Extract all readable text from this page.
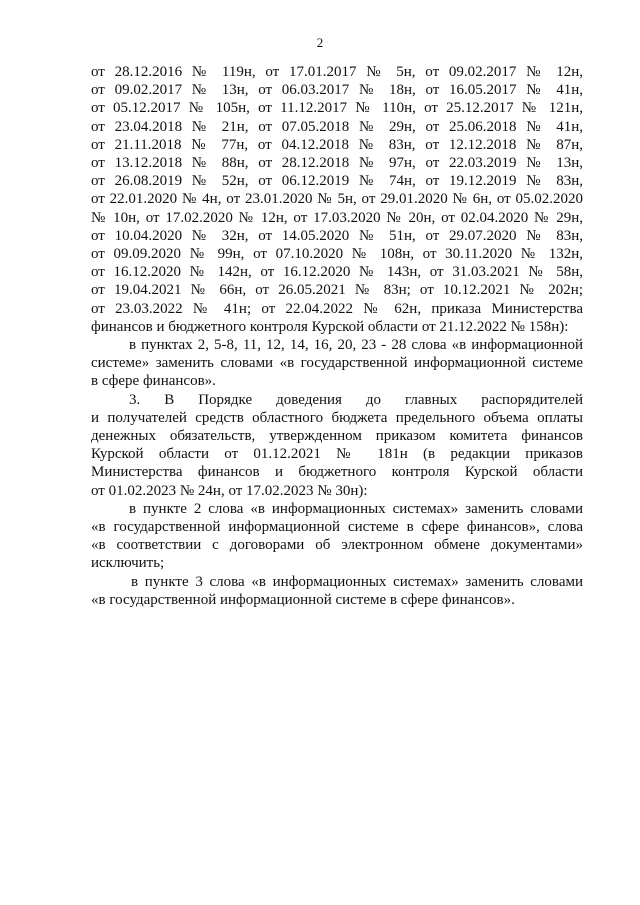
2
от 28.12.2016 № 119н, от 17.01.2017 № 5н, от 09.02.2017 № 12н,
от 09.02.2017 № 13н, от 06.03.2017 № 18н, от 16.05.2017 № 41н,
от 05.12.2017 № 105н, от 11.12.2017 № 110н, от 25.12.2017 № 121н,
от 23.04.2018 № 21н, от 07.05.2018 № 29н, от 25.06.2018 № 41н,
от 21.11.2018 № 77н, от 04.12.2018 № 83н, от 12.12.2018 № 87н,
от 13.12.2018 № 88н, от 28.12.2018 № 97н, от 22.03.2019 № 13н,
от 26.08.2019 № 52н, от 06.12.2019 № 74н, от 19.12.2019 № 83н,
от 22.01.2020 № 4н, от 23.01.2020 № 5н, от 29.01.2020 № 6н, от 05.02.2020
№ 10н, от 17.02.2020 № 12н, от 17.03.2020 № 20н, от 02.04.2020 № 29н,
от 10.04.2020 № 32н, от 14.05.2020 № 51н, от 29.07.2020 № 83н,
от 09.09.2020 № 99н, от 07.10.2020 № 108н, от 30.11.2020 № 132н,
от 16.12.2020 № 142н, от 16.12.2020 № 143н, от 31.03.2021 № 58н,
от 19.04.2021 № 66н, от 26.05.2021 № 83н; от 10.12.2021 № 202н;
от 23.03.2022 № 41н; от 22.04.2022 № 62н, приказа Министерства
финансов и бюджетного контроля Курской области от 21.12.2022 № 158н):
в пунктах 2, 5-8, 11, 12, 14, 16, 20, 23 - 28 слова «в информационной
системе» заменить словами «в государственной информационной системе
в сфере финансов».
3. В Порядке доведения до главных распорядителей
и получателей средств областного бюджета предельного объема оплаты
денежных обязательств, утвержденном приказом комитета финансов
Курской области от 01.12.2021 № 181н (в редакции приказов
Министерства финансов и бюджетного контроля Курской области
от 01.02.2023 № 24н, от 17.02.2023 № 30н):
в пункте 2 слова «в информационных системах» заменить словами
«в государственной информационной системе в сфере финансов», слова
«в соответствии с договорами об электронном обмене документами»
исключить;
в пункте 3 слова «в информационных системах» заменить словами
«в государственной информационной системе в сфере финансов».
